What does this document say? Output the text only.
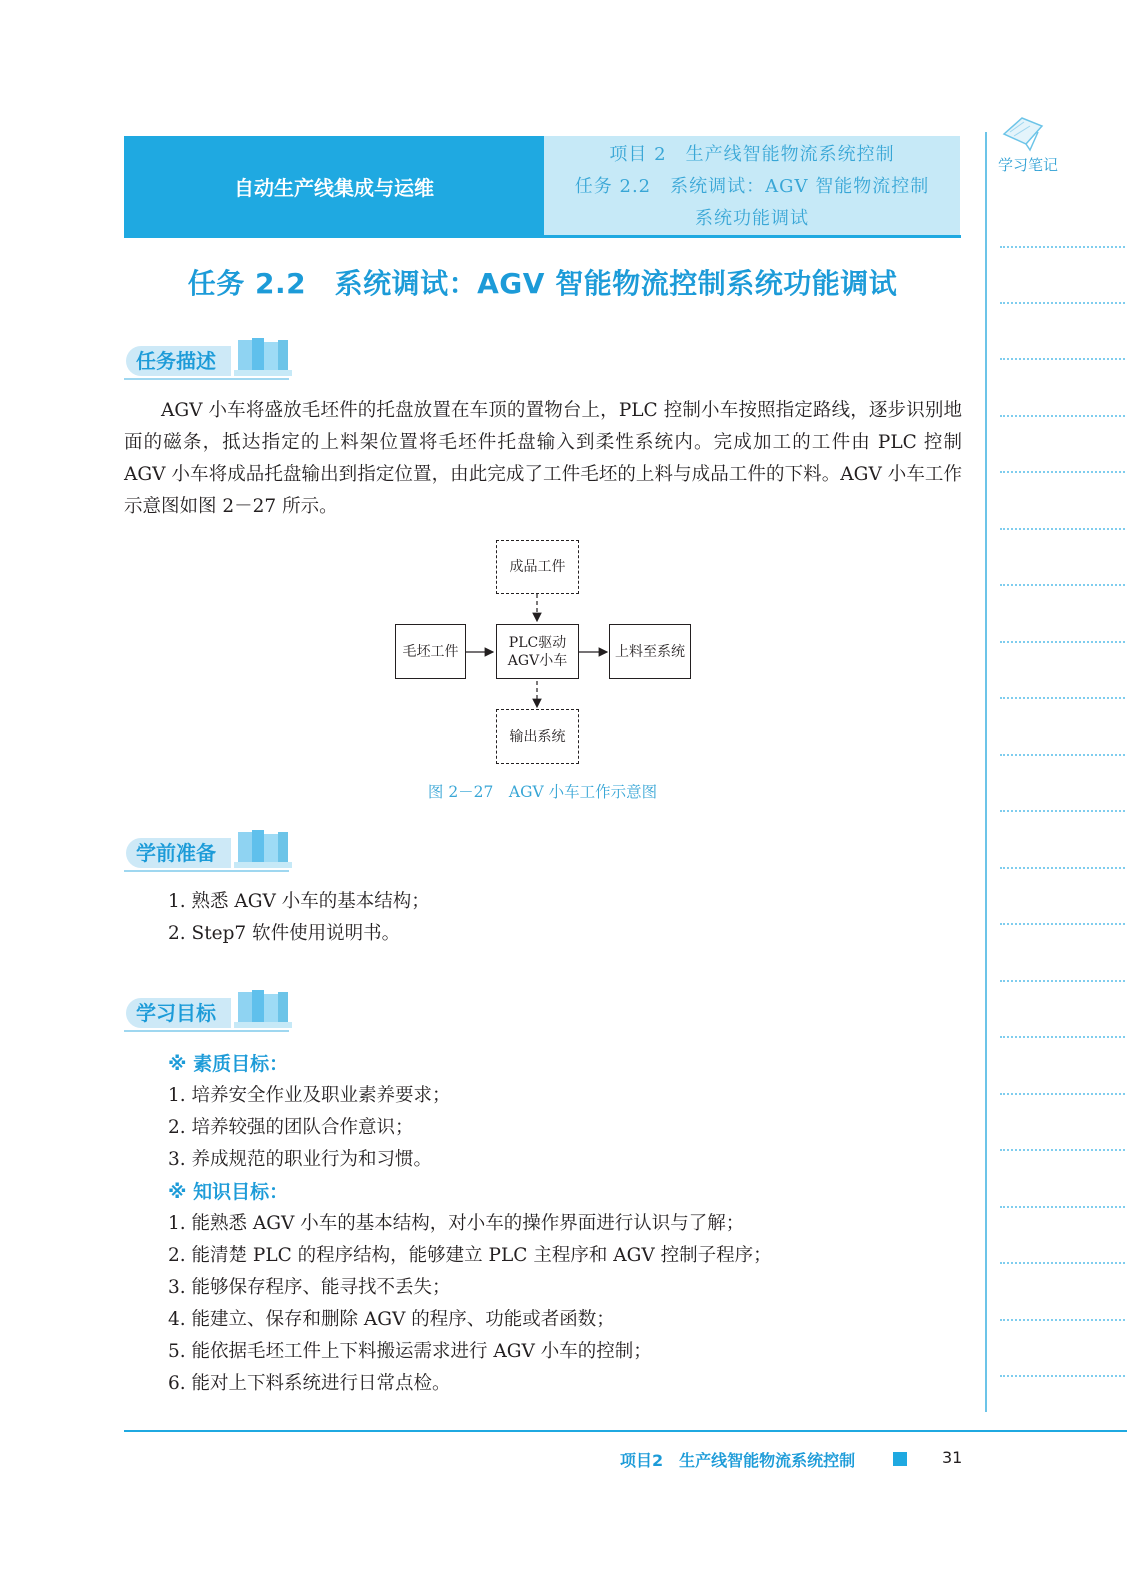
自动生产线集成与运维
项目 2　生产线智能物流系统控制
任务 2.2　系统调试：AGV 智能物流控制
系统功能调试
学习笔记
任务 2.2　系统调试：AGV 智能物流控制系统功能调试
任务描述

AGV 小车将盛放毛坯件的托盘放置在车顶的置物台上，PLC 控制小车按照指定路线，逐步识别地面的磁条，抵达指定的上料架位置将毛坯件托盘输入到柔性系统内。完成加工的工件由 PLC 控制 AGV 小车将成品托盘输出到指定位置，由此完成了工件毛坯的上料与成品工件的下料。AGV 小车工作示意图如图 2－27 所示。

成品工件
毛坯工件
PLC驱动
AGV小车
上料至系统
输出系统
图 2－27　AGV 小车工作示意图
学前准备
1. 熟悉 AGV 小车的基本结构；
2. Step7 软件使用说明书。
学习目标
※ 素质目标：
1. 培养安全作业及职业素养要求；
2. 培养较强的团队合作意识；
3. 养成规范的职业行为和习惯。
※ 知识目标：
1. 能熟悉 AGV 小车的基本结构，对小车的操作界面进行认识与了解；
2. 能清楚 PLC 的程序结构，能够建立 PLC 主程序和 AGV 控制子程序；
3. 能够保存程序、能寻找不丢失；
4. 能建立、保存和删除 AGV 的程序、功能或者函数；
5. 能依据毛坯工件上下料搬运需求进行 AGV 小车的控制；
6. 能对上下料系统进行日常点检。
项目2　生产线智能物流系统控制	31
